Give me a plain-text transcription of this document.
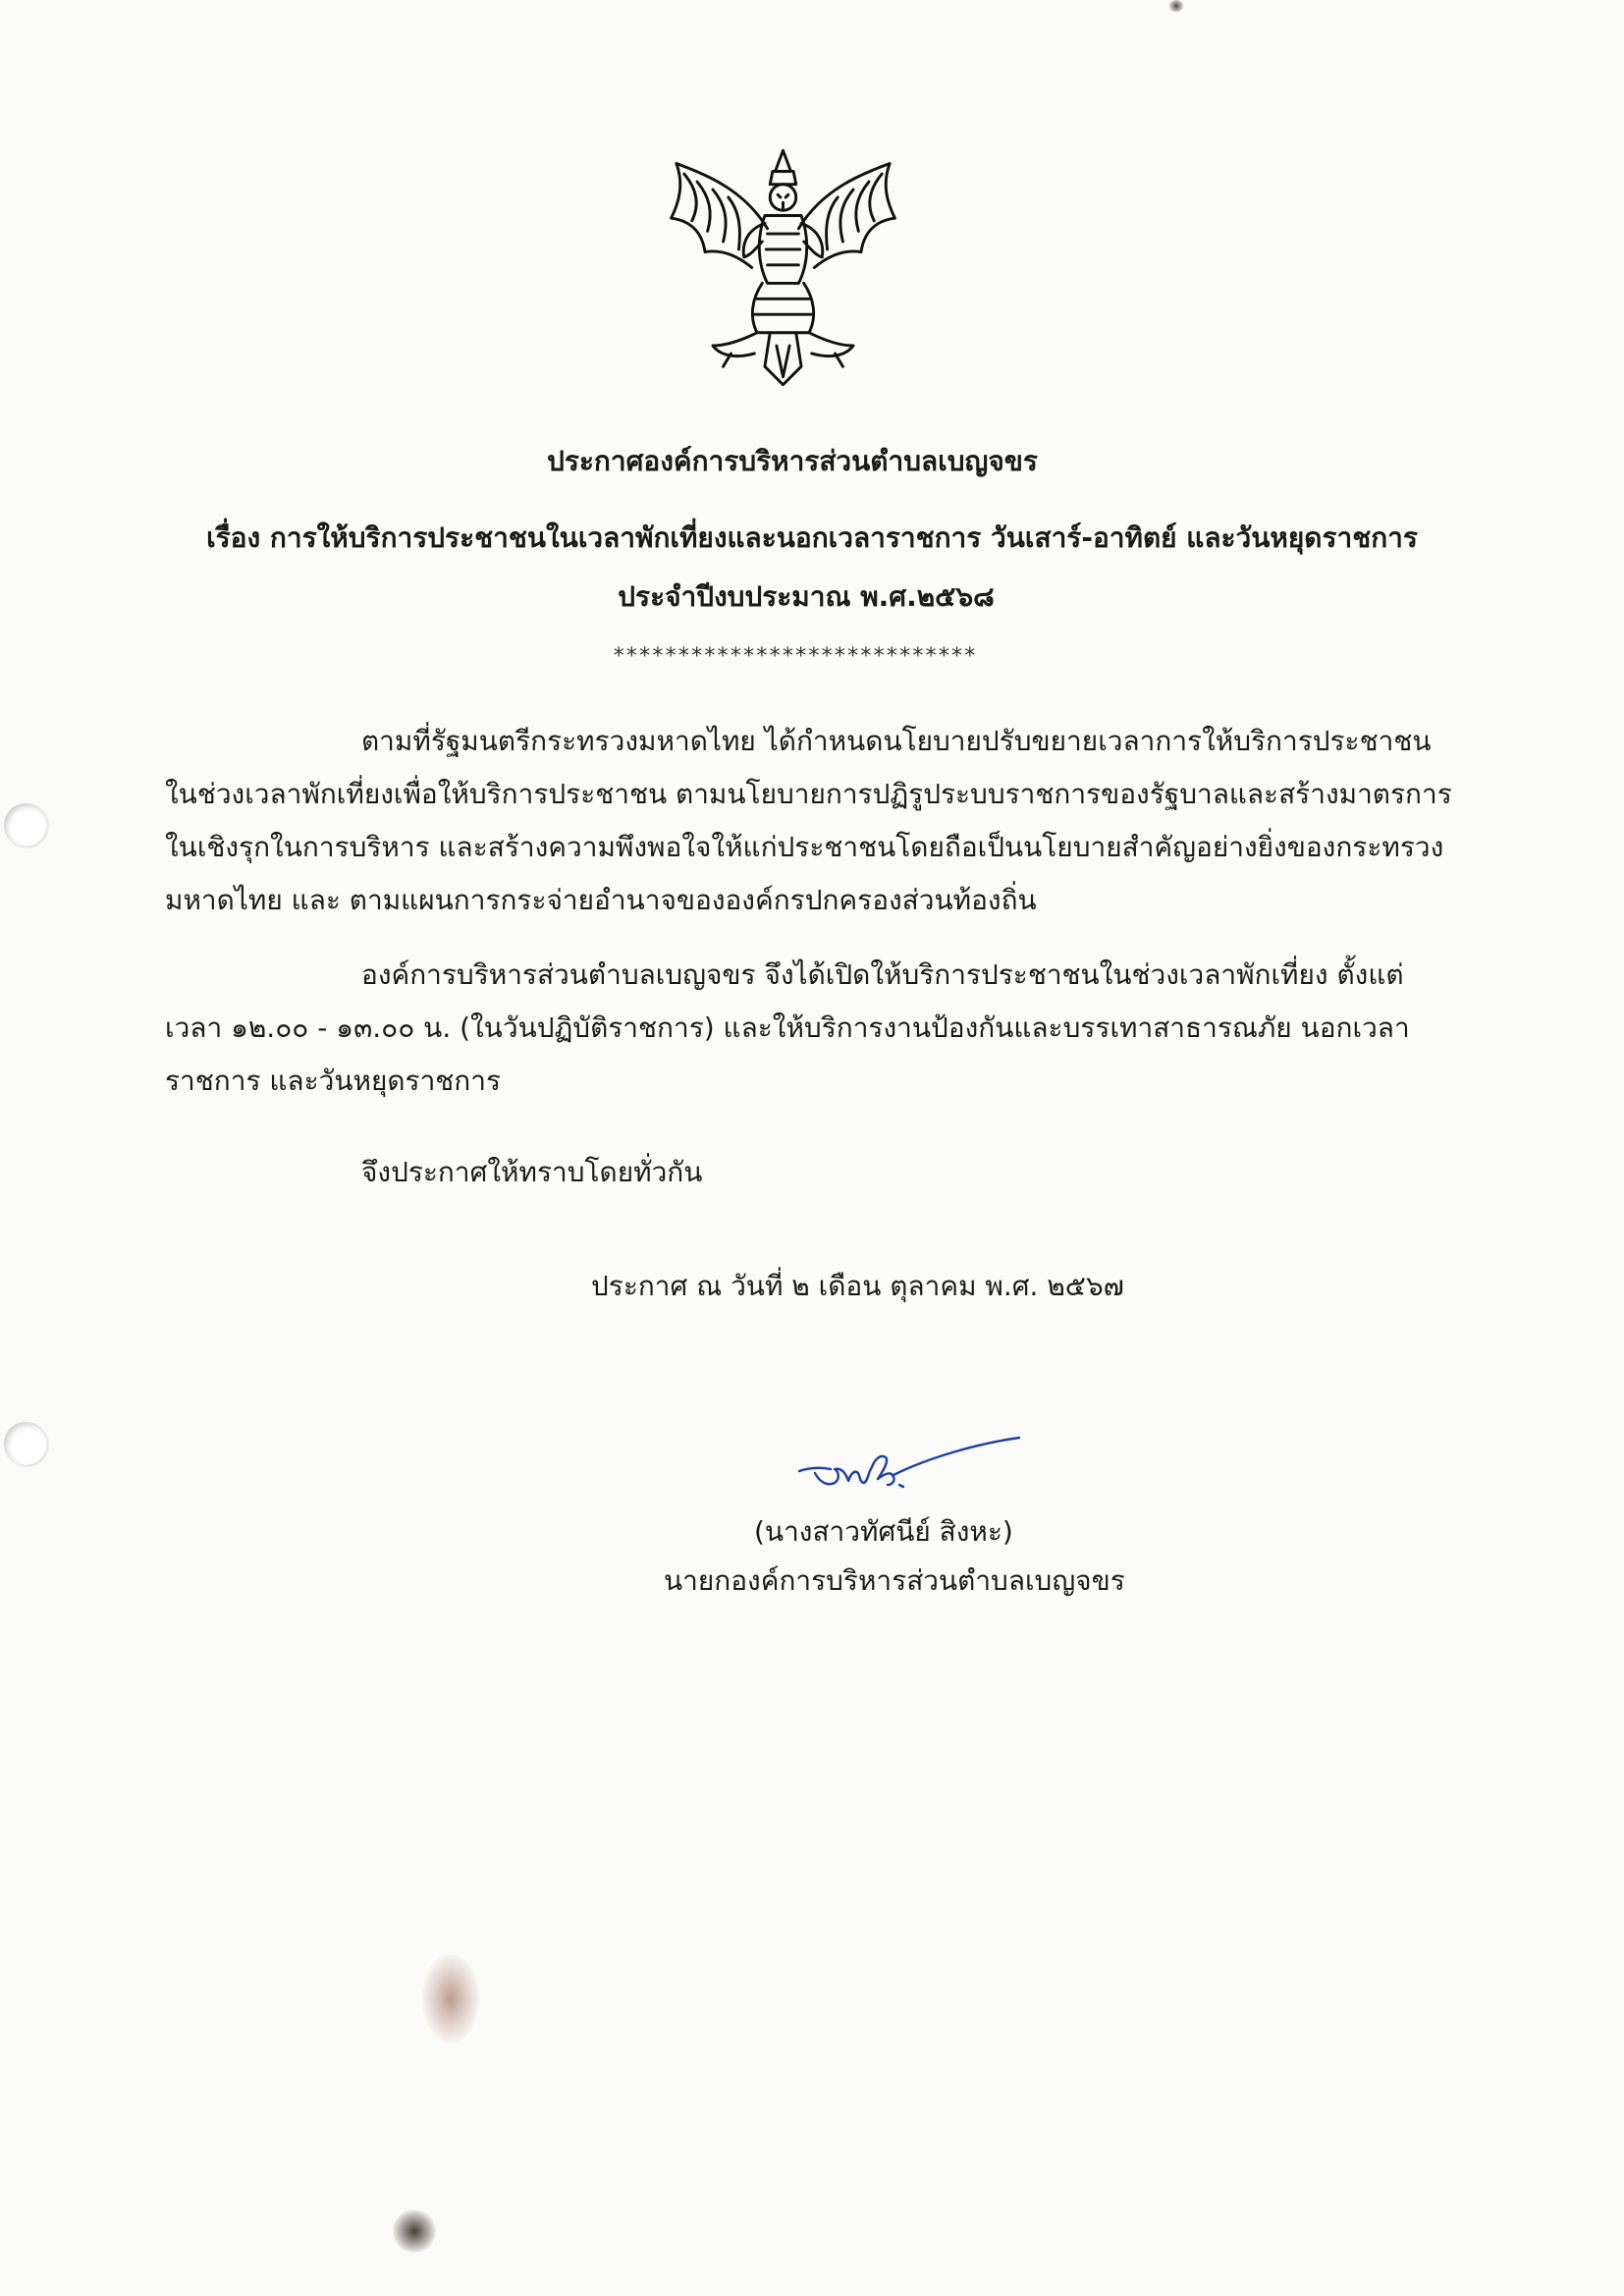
ประกาศองค์การบริหารส่วนตำบลเบญจขร
เรื่อง การให้บริการประชาชนในเวลาพักเที่ยงและนอกเวลาราชการ วันเสาร์-อาทิตย์ และวันหยุดราชการ
ประจำปีงบประมาณ พ.ศ.๒๕๖๘
****************************
ตามที่รัฐมนตรีกระทรวงมหาดไทย ได้กำหนดนโยบายปรับขยายเวลาการให้บริการประชาชน
ในช่วงเวลาพักเที่ยงเพื่อให้บริการประชาชน ตามนโยบายการปฏิรูประบบราชการของรัฐบาลและสร้างมาตรการ
ในเชิงรุกในการบริหาร และสร้างความพึงพอใจให้แก่ประชาชนโดยถือเป็นนโยบายสำคัญอย่างยิ่งของกระทรวง
มหาดไทย และ ตามแผนการกระจ่ายอำนาจขององค์กรปกครองส่วนท้องถิ่น
องค์การบริหารส่วนตำบลเบญจขร จึงได้เปิดให้บริการประชาชนในช่วงเวลาพักเที่ยง ตั้งแต่
เวลา ๑๒.๐๐ - ๑๓.๐๐ น. (ในวันปฏิบัติราชการ) และให้บริการงานป้องกันและบรรเทาสาธารณภัย นอกเวลา
ราชการ และวันหยุดราชการ
จึงประกาศให้ทราบโดยทั่วกัน
ประกาศ ณ วันที่ ๒ เดือน ตุลาคม พ.ศ. ๒๕๖๗
(นางสาวทัศนีย์ สิงหะ)
นายกองค์การบริหารส่วนตำบลเบญจขร
